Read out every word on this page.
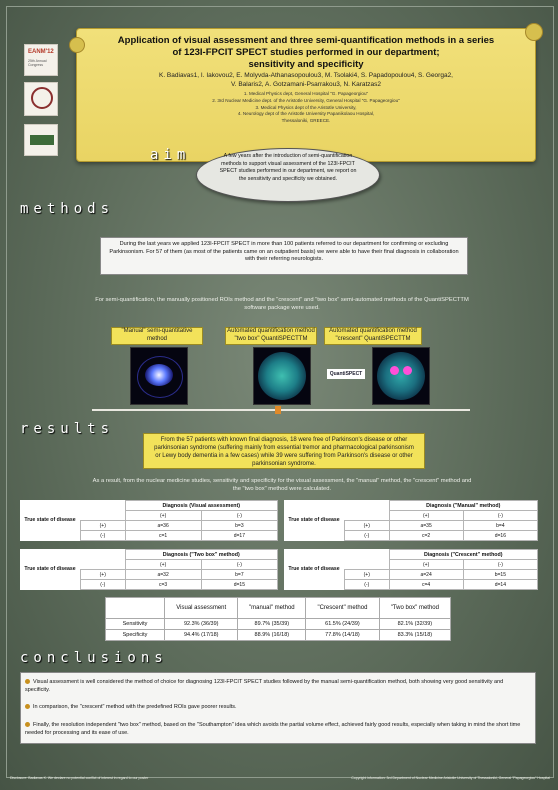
EANM'12
25th Annual Congress
Application of visual assessment and three semi-quantification methods in a series
of 123I-FPCIT SPECT studies performed in our department;
sensitivity and specificity
K. Badiavas1, I. Iakovou2, E. Molyvda-Athanasopoulou3, M. Tsolaki4, S. Papadopoulou4, S. Georga2,
V. Balaris2, A. Gotzamani-Psarrakou3, N. Karatzas2
1. Medical Physics dept, General Hospital "G. Papageorgiou"
2. 3rd Nuclear Medicine dept. of the Aristotle University, General Hospital "G. Papageorgiou"
3. Medical Physics dept of the Aristotle University,
4. Neurology dept of the Aristotle University Papanikolaou Hospital,
Thessaloniki, GREECE.
aim	A few years after the introduction of semi-quantification methods to support visual assessment of the 123I-FPCIT SPECT studies performed in our department, we report on the sensitivity and specificity we obtained.
methods

During the last years we applied 123I-FPCIT SPECT in more than 100 patients referred to our department for confirming or excluding Parkinsonism. For 57 of them (as most of the patients came on an outpatient basis) we were able to have their final diagnosis in collaboration with their referring neurologists.

For semi-quantification, the manually positioned ROIs method and the "crescent" and "two box" semi-automated methods of the QuantiSPECTTM software package were used.
"Manual" semi-quantitative method
Automated quantification method "two box" QuantiSPECTTM
Automated quantification method "crescent" QuantiSPECTTM
QuantiSPECT
results

From the 57 patients with known final diagnosis, 18 were free of Parkinson's disease or other parkinsonian syndrome (suffering mainly from essential tremor and pharmacological parkinsonism or Lewy body dementia in a few cases) while 39 were suffering from Parkinson's disease or other parkinsonian syndrome.

As a result, from the nuclear medicine studies, sensitivity and specificity for the visual assessment, the "manual" method, the "crescent" method and the "two box" method were calculated.
True state of disease		Diagnosis (Visual assessment)	
		(+)	(-)
	(+)	a=36	b=3
	(-)	c=1	d=17
True state of disease		Diagnosis ("Manual" method)	
		(+)	(-)
	(+)	a=35	b=4
	(-)	c=2	d=16
True state of disease		Diagnosis ("Two box" method)	
		(+)	(-)
	(+)	a=32	b=7
	(-)	c=3	d=15
True state of disease		Diagnosis ("Crescent" method)	
		(+)	(-)
	(+)	a=24	b=15
	(-)	c=4	d=14
	Visual assessment	"manual" method	"Crescent" method	"Two box" method
Sensitivity	92.3% (36/39)	89.7% (35/39)	61.5% (24/39)	82.1% (32/39)
Specificity	94.4% (17/18)	88.9% (16/18)	77.8% (14/18)	83.3% (15/18)
conclusions

Visual assessment is well considered the method of choice for diagnosing 123I-FPCIT SPECT studies followed by the manual semi-quantification method, both showing very good sensitivity and specificity.

In comparison, the "crescent" method with the predefined ROIs gave poorer results.

Finally, the resolution independent "two box" method, based on the "Southampton" idea which avoids the partial volume effect, achieved fairly good results, especially when taking in mind the short time needed for processing and its ease of use.

Disclosure: Badiavas K. We declare no potential conflict of interest in regard to our poster	Copyright information: 3rd Department of Nuclear Medicine Aristotle University of Thessaloniki, General "Papageorgiou" Hospital
